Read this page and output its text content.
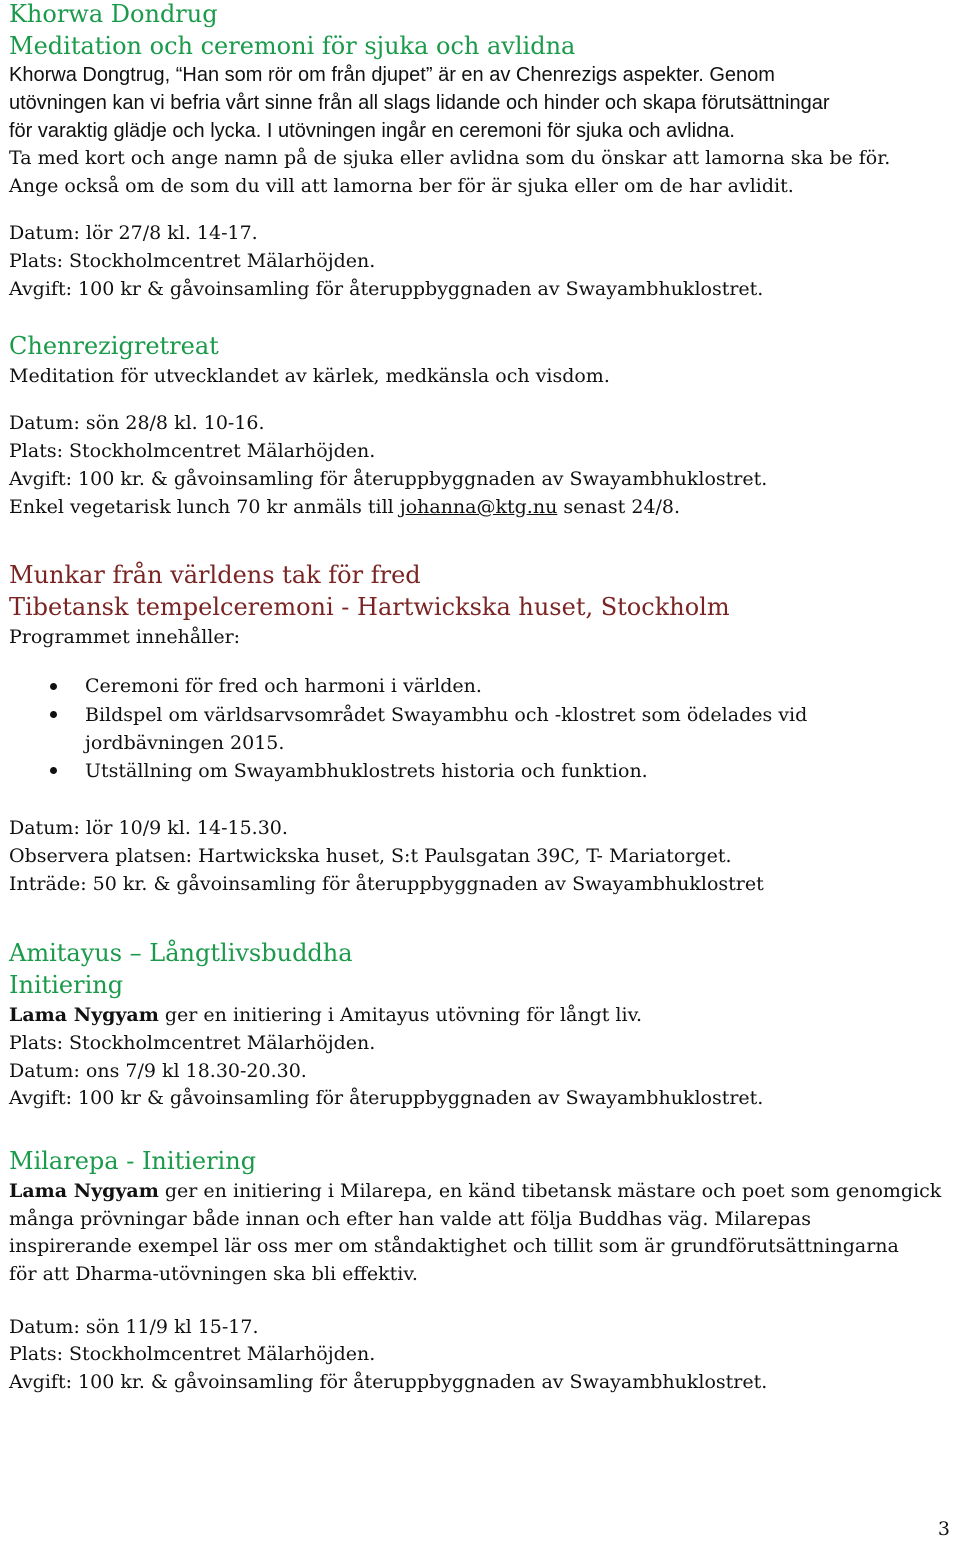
Khorwa Dondrug
Meditation och ceremoni för sjuka och avlidna
Khorwa Dongtrug, “Han som rör om från djupet” är en av Chenrezigs aspekter. Genom
utövningen kan vi befria vårt sinne från all slags lidande och hinder och skapa förutsättningar
för varaktig glädje och lycka. I utövningen ingår en ceremoni för sjuka och avlidna.
Ta med kort och ange namn på de sjuka eller avlidna som du önskar att lamorna ska be för.
Ange också om de som du vill att lamorna ber för är sjuka eller om de har avlidit.
Datum: lör 27/8 kl. 14-17.
Plats: Stockholmcentret Mälarhöjden.
Avgift: 100 kr & gåvoinsamling för återuppbyggnaden av Swayambhuklostret.
Chenrezigretreat
Meditation för utvecklandet av kärlek, medkänsla och visdom.
Datum: sön 28/8 kl. 10-16.
Plats: Stockholmcentret Mälarhöjden.
Avgift: 100 kr. & gåvoinsamling för återuppbyggnaden av Swayambhuklostret.
Enkel vegetarisk lunch 70 kr anmäls till johanna@ktg.nu senast 24/8.
Munkar från världens tak för fred
Tibetansk tempelceremoni - Hartwickska huset, Stockholm
Programmet innehåller:
Ceremoni för fred och harmoni i världen.
Bildspel om världsarvsområdet Swayambhu och -klostret som ödelades vid
jordbävningen 2015.
Utställning om Swayambhuklostrets historia och funktion.
Datum: lör 10/9 kl. 14-15.30.
Observera platsen: Hartwickska huset, S:t Paulsgatan 39C, T- Mariatorget.
Inträde: 50 kr. & gåvoinsamling för återuppbyggnaden av Swayambhuklostret
Amitayus – Långtlivsbuddha
Initiering
Lama Nygyam ger en initiering i Amitayus utövning för långt liv.
Plats: Stockholmcentret Mälarhöjden.
Datum: ons 7/9 kl 18.30-20.30.
Avgift: 100 kr & gåvoinsamling för återuppbyggnaden av Swayambhuklostret.
Milarepa - Initiering
Lama Nygyam ger en initiering i Milarepa, en känd tibetansk mästare och poet som genomgick
många prövningar både innan och efter han valde att följa Buddhas väg. Milarepas
inspirerande exempel lär oss mer om ståndaktighet och tillit som är grundförutsättningarna
för att Dharma-utövningen ska bli effektiv.
Datum: sön 11/9 kl 15-17.
Plats: Stockholmcentret Mälarhöjden.
Avgift: 100 kr. & gåvoinsamling för återuppbyggnaden av Swayambhuklostret.
3
